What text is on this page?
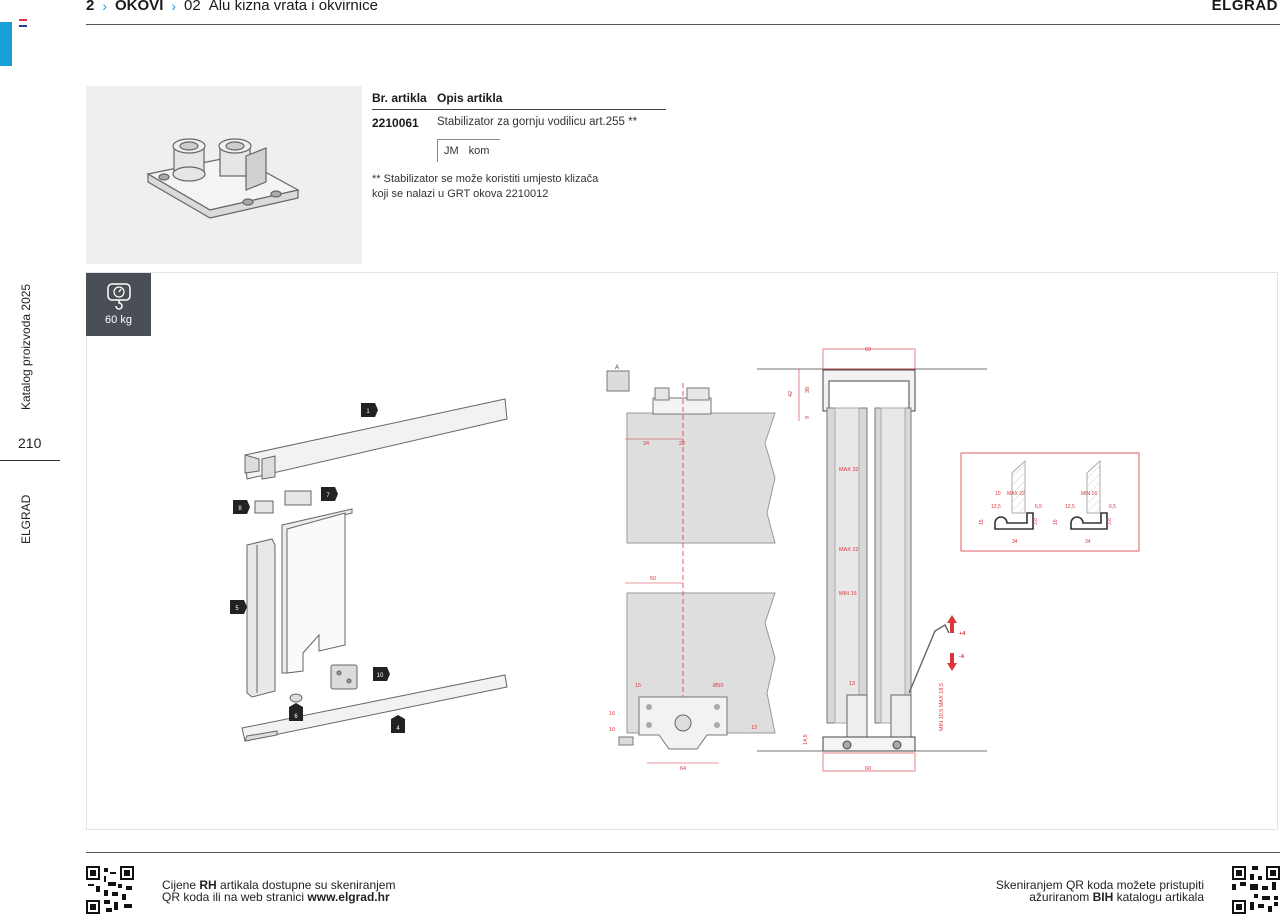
Katalog proizvoda 2025
210
ELGRAD
2 › OKOVI › 02 Alu kizna vrata i okvirnice	ELGRAD
Br. artikla Opis artikla
2210061	Stabilizator za gornju vodilicu art.255 **
JM kom
** Stabilizator se može koristiti umjesto klizača
koji se nalazi u GRT okova 2210012
1
8
7
5
10
6
4
34	22
50
15	Ø50
16
10	13
64
60
42
38
9
MAX 32
MAX 22
MIN 16
13
14,5
60
MIN 10,5 MAX 18,5
+4
-4
MAX 22
10	MIN 16
12,5	12,5
15	15
34	34
6,5	6,5
3,8	3,8
A
60 kg
Cijene RH artikala dostupne su skeniranjem
QR koda ili na web stranici www.elgrad.hr
Skeniranjem QR koda možete pristupiti
ažuriranom BIH katalogu artikala
